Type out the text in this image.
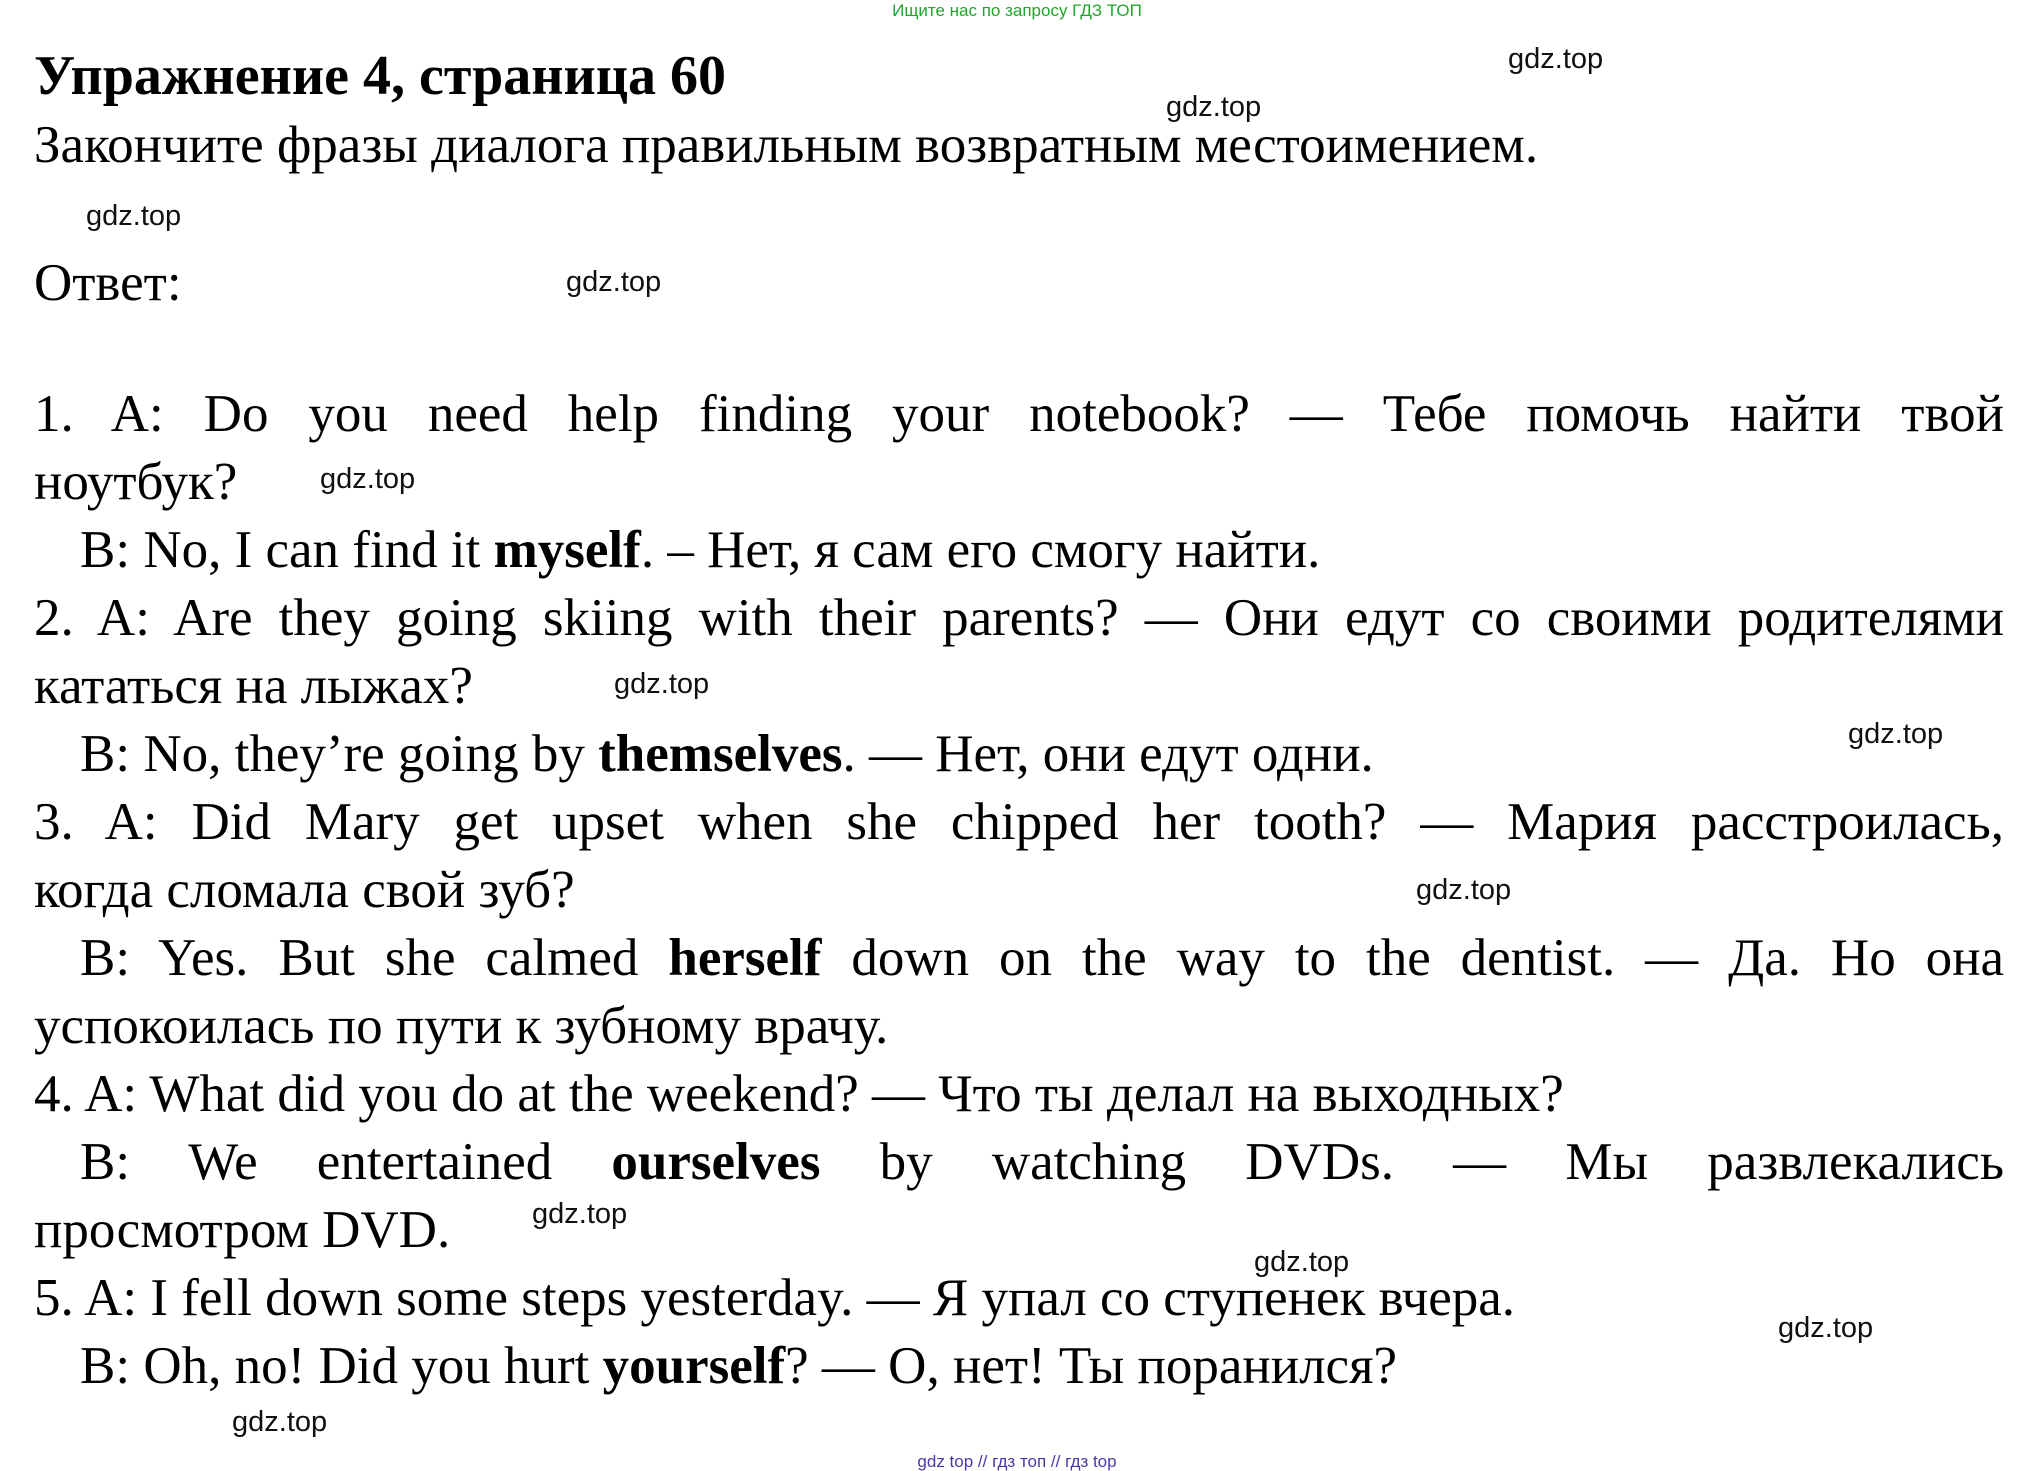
Ищите нас по запросу ГДЗ ТОП
Упражнение 4, страница 60
Закончите фразы диалога правильным возвратным местоимением.
Ответ:
1. A: Do you need help finding your notebook? — Тебе помочь найти твой
ноутбук?
B: No, I can find it myself. – Нет, я сам его смогу найти.
2. A: Are they going skiing with their parents? — Они едут со своими родителями
кататься на лыжах?
B: No, they’re going by themselves. — Нет, они едут одни.
3. A: Did Mary get upset when she chipped her tooth? — Мария расстроилась,
когда сломала свой зуб?
B: Yes. But she calmed herself down on the way to the dentist. — Да. Но она
успокоилась по пути к зубному врачу.
4. A: What did you do at the weekend? — Что ты делал на выходных?
B: We entertained ourselves by watching DVDs. — Мы развлекались
просмотром DVD.
5. A: I fell down some steps yesterday. — Я упал со ступенек вчера.
B: Oh, no! Did you hurt yourself? — О, нет! Ты поранился?
gdz.top
gdz.top
gdz.top
gdz.top
gdz.top
gdz.top
gdz.top
gdz.top
gdz.top
gdz.top
gdz.top
gdz.top
gdz top // гдз топ // гдз top
